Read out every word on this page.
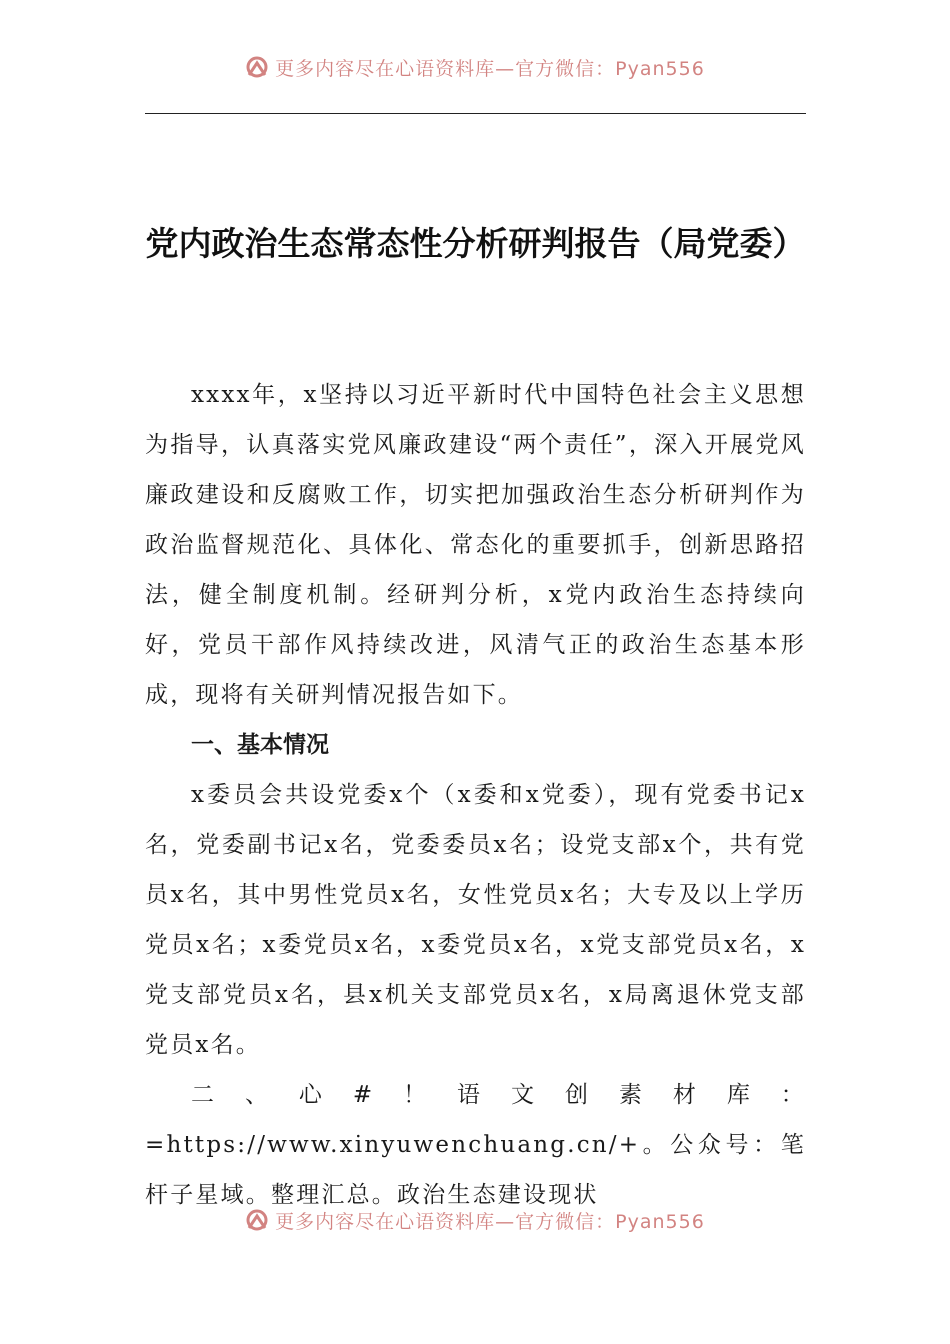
更多内容尽在心语资料库—官方微信：Pyan556
党内政治生态常态性分析研判报告（局党委）

xxxx年，x坚持以习近平新时代中国特色社会主义思想为指导，认真落实党风廉政建设“两个责任”，深入开展党风廉政建设和反腐败工作，切实把加强政治生态分析研判作为政治监督规范化、具体化、常态化的重要抓手，创新思路招法，健全制度机制。经研判分析，x党内政治生态持续向好，党员干部作风持续改进，风清气正的政治生态基本形成，现将有关研判情况报告如下。

一、基本情况

x委员会共设党委x个（x委和x党委），现有党委书记x名，党委副书记x名，党委委员x名；设党支部x个，共有党员x名，其中男性党员x名，女性党员x名；大专及以上学历党员x名；x委党员x名，x委党员x名，x党支部党员x名，x党支部党员x名，县x机关支部党员x名，x局离退休党支部党员x名。

二、心#！语文创素材库：=https://www.xinyuwenchuang.cn/+。公众号：笔杆子星域。整理汇总。政治生态建设现状

更多内容尽在心语资料库—官方微信：Pyan556
